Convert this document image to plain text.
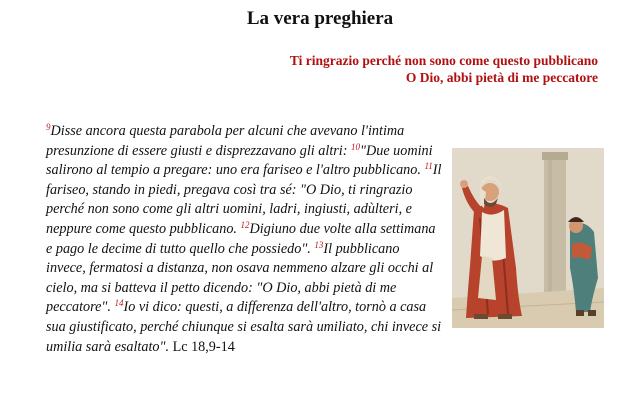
La vera preghiera
Ti ringrazio perché non sono come questo pubblicano
O Dio, abbi pietà di me peccatore
$^9$Disse ancora questa parabola per alcuni che avevano l'intima presunzione di essere giusti e disprezzavano gli altri: $^{10}$"Due uomini salirono al tempio a pregare: uno era fariseo e l'altro pubblicano. $^{11}$Il fariseo, stando in piedi, pregava così tra sé: "O Dio, ti ringrazio perché non sono come gli altri uomini, ladri, ingiusti, adùlteri, e neppure come questo pubblicano. $^{12}$Digiuno due volte alla settimana e pago le decime di tutto quello che possiedo". $^{13}$Il pubblicano invece, fermatosi a distanza, non osava nemmeno alzare gli occhi al cielo, ma si batteva il petto dicendo: "O Dio, abbi pietà di me peccatore". $^{14}$Io vi dico: questi, a differenza dell'altro, tornò a casa sua giustificato, perché chiunque si esalta sarà umiliato, chi invece si umilia sarà esaltato". Lc 18,9-14
